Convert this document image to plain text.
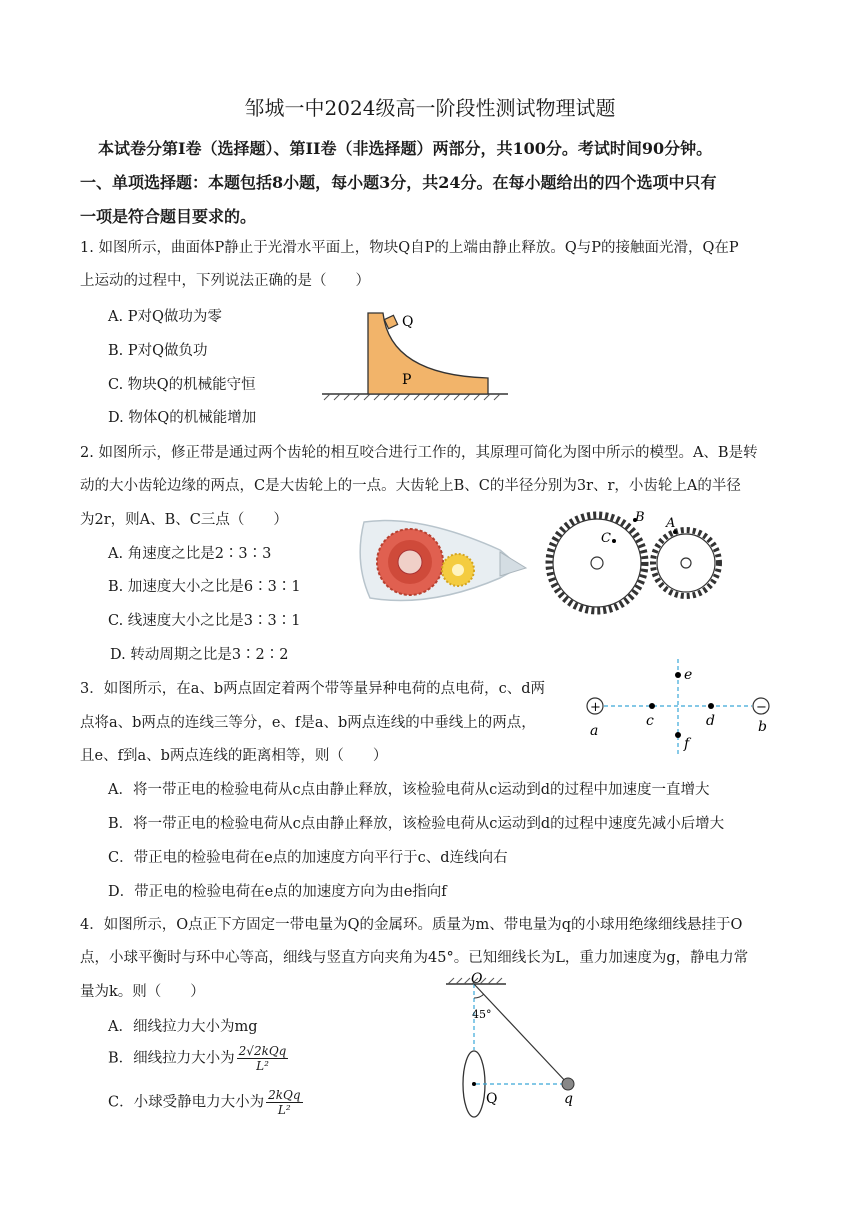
邹城一中2024级高一阶段性测试物理试题
本试卷分第I卷（选择题）、第II卷（非选择题）两部分，共100分。考试时间90分钟。
一、单项选择题：本题包括8小题，每小题3分，共24分。在每小题给出的四个选项中只有
一项是符合题目要求的。
1. 如图所示，曲面体P静止于光滑水平面上，物块Q自P的上端由静止释放。Q与P的接触面光滑，Q在P
上运动的过程中，下列说法正确的是（　　）
A. P对Q做功为零
B. P对Q做负功
C. 物块Q的机械能守恒
D. 物体Q的机械能增加
Q
P
2. 如图所示，修正带是通过两个齿轮的相互咬合进行工作的，其原理可简化为图中所示的模型。A、B是转
动的大小齿轮边缘的两点，C是大齿轮上的一点。大齿轮上B、C的半径分别为3r、r，小齿轮上A的半径
为2r，则A、B、C三点（　　）
A. 角速度之比是2∶3∶3
B. 加速度大小之比是6∶3∶1
C. 线速度大小之比是3∶3∶1
D. 转动周期之比是3∶2∶2
B
C
A
3．如图所示，在a、b两点固定着两个带等量异种电荷的点电荷，c、d两
点将a、b两点的连线三等分，e、f是a、b两点连线的中垂线上的两点，
且e、f到a、b两点连线的距离相等，则（　　）
A．将一带正电的检验电荷从c点由静止释放，该检验电荷从c运动到d的过程中加速度一直增大
B．将一带正电的检验电荷从c点由静止释放，该检验电荷从c运动到d的过程中速度先减小后增大
C．带正电的检验电荷在e点的加速度方向平行于c、d连线向右
D．带正电的检验电荷在e点的加速度方向为由e指向f
+	−
a	b
c	d
e
f
4．如图所示，O点正下方固定一带电量为Q的金属环。质量为m、带电量为q的小球用绝缘细线悬挂于O
点，小球平衡时与环中心等高，细线与竖直方向夹角为45°。已知细线长为L，重力加速度为g，静电力常
量为k。则（　　）
A．细线拉力大小为mg
B．细线拉力大小为 $\frac{\text{2√2kQq}}{\text{L²}}$
C．小球受静电力大小为 $\frac{\text{2kQq}}{\text{L²}}$
O
45°
Q	q
